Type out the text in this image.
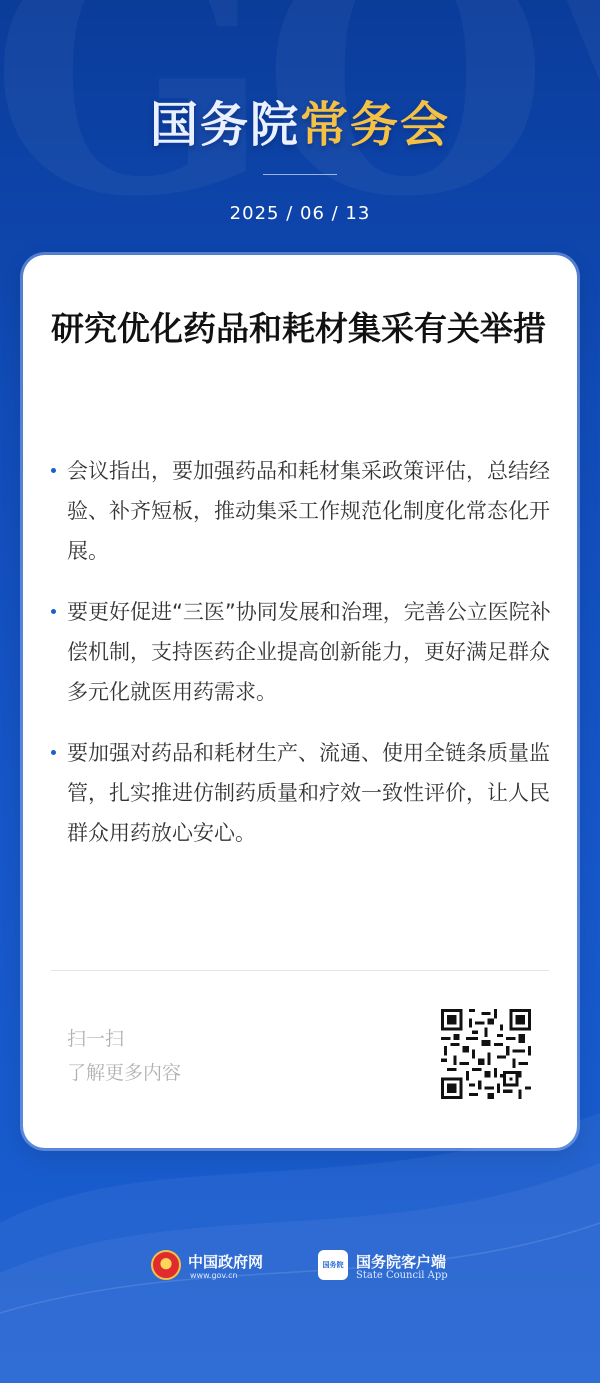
国务院常务会
2025 / 06 / 13
研究优化药品和耗材集采有关举措
会议指出，要加强药品和耗材集采政策评估，总结经验、补齐短板，推动集采工作规范化制度化常态化开展。
要更好促进“三医”协同发展和治理，完善公立医院补偿机制，支持医药企业提高创新能力，更好满足群众多元化就医用药需求。
要加强对药品和耗材生产、流通、使用全链条质量监管，扎实推进仿制药质量和疗效一致性评价，让人民群众用药放心安心。
扫一扫
了解更多内容
中国政府网
www.gov.cn
国务院 国务院客户端
State Council App
